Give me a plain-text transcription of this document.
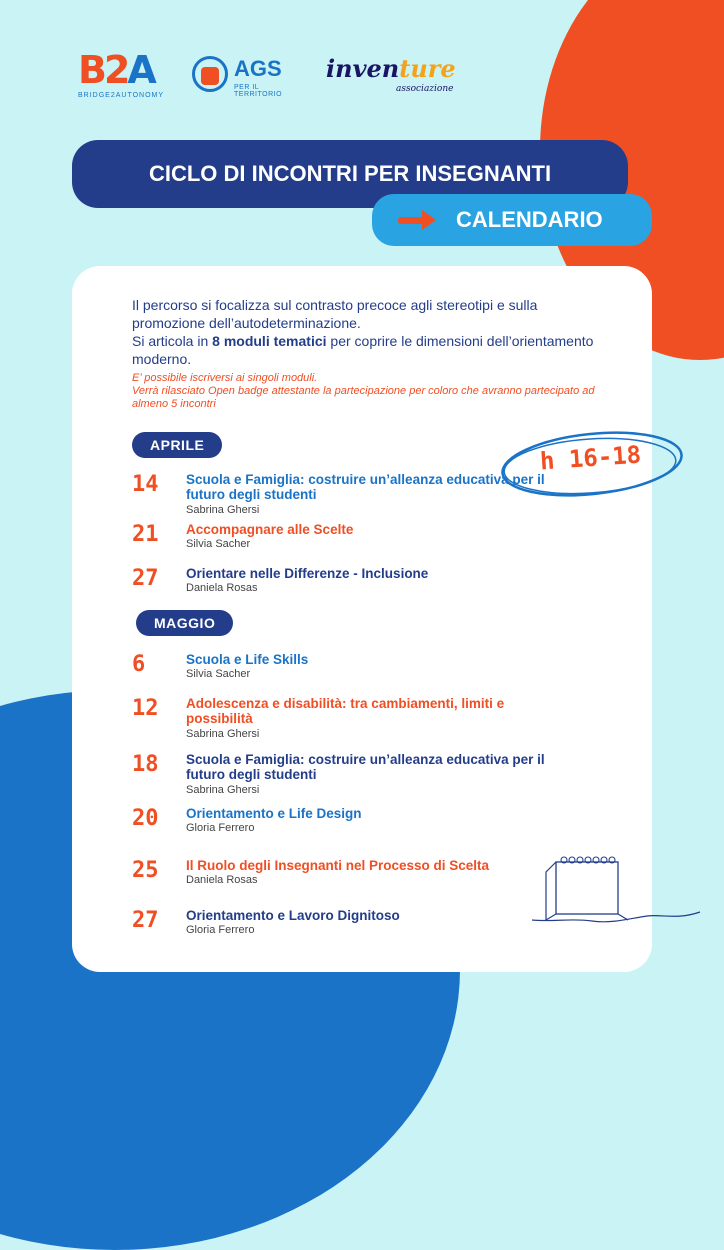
B2A
BRIDGE2AUTONOMY
AGS
PER IL TERRITORIO
inventure
associazione
CICLO DI INCONTRI PER INSEGNANTI
CALENDARIO

Il percorso si focalizza sul contrasto precoce agli stereotipi e sulla promozione dell’autodeterminazione.

Si articola in 8 moduli tematici per coprire le dimensioni dell’orientamento moderno.

E’ possibile iscriversi ai singoli moduli.

Verrà rilasciato Open badge attestante la partecipazione per coloro che avranno partecipato ad almeno 5 incontri

h 16-18
APRILE
14	Scuola e Famiglia: costruire un’alleanza educativa per il futuro degli studenti
Sabrina Ghersi
21	Accompagnare alle Scelte
Silvia Sacher
27	Orientare nelle Differenze - Inclusione
Daniela Rosas
MAGGIO
6	Scuola e Life Skills
Silvia Sacher
12	Adolescenza e disabilità: tra cambiamenti, limiti e possibilità
Sabrina Ghersi
18	Scuola e Famiglia: costruire un’alleanza educativa per il futuro degli studenti
Sabrina Ghersi
20	Orientamento e Life Design
Gloria Ferrero
25	Il Ruolo degli Insegnanti nel Processo di Scelta
Daniela Rosas
27	Orientamento e Lavoro Dignitoso
Gloria Ferrero
